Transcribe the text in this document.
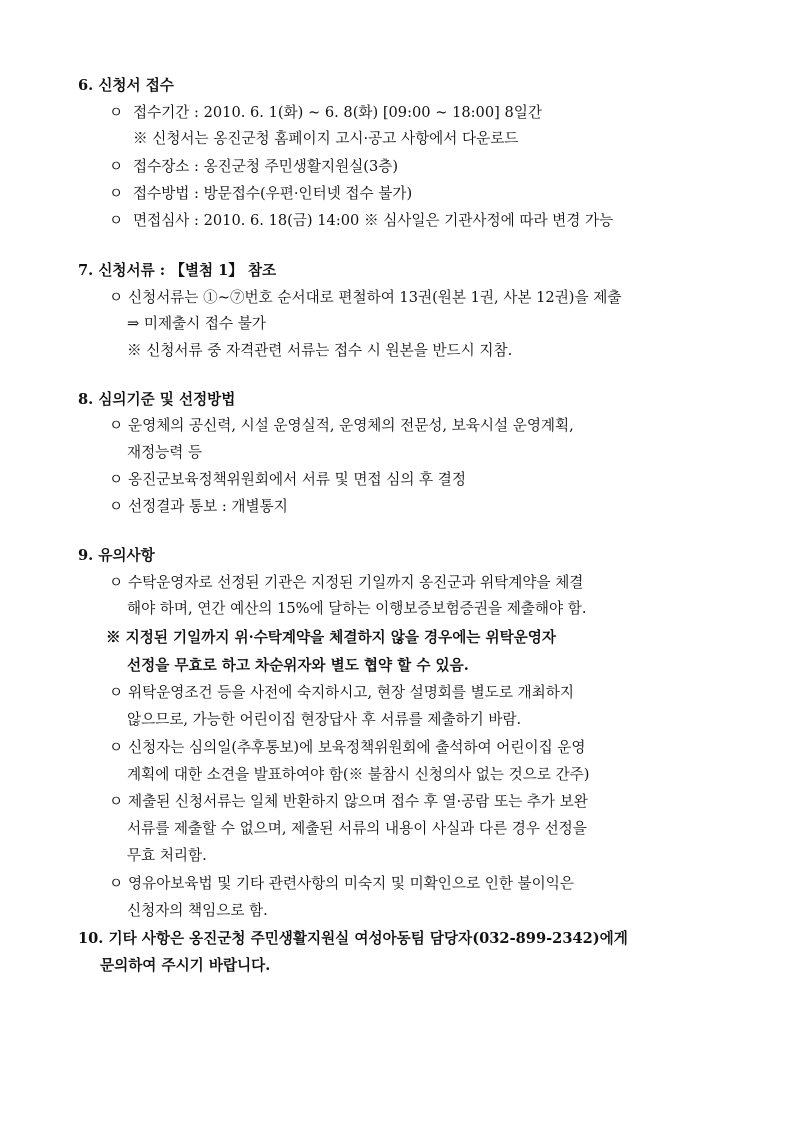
6. 신청서 접수
ㅇ 접수기간 : 2010. 6. 1(화) ~ 6. 8(화) [09:00 ~ 18:00] 8일간
※ 신청서는 옹진군청 홈페이지 고시·공고 사항에서 다운로드
ㅇ 접수장소 : 옹진군청 주민생활지원실(3층)
ㅇ 접수방법 : 방문접수(우편·인터넷 접수 불가)
ㅇ 면접심사 : 2010. 6. 18(금) 14:00 ※ 심사일은 기관사정에 따라 변경 가능
7. 신청서류 : 【별첨 1】 참조
ㅇ 신청서류는 ①~⑦번호 순서대로 편철하여 13권(원본 1권, 사본 12권)을 제출
⇒ 미제출시 접수 불가
※ 신청서류 중 자격관련 서류는 접수 시 원본을 반드시 지참.
8. 심의기준 및 선정방법
ㅇ 운영체의 공신력, 시설 운영실적, 운영체의 전문성, 보육시설 운영계획,
재정능력 등
ㅇ 옹진군보육정책위원회에서 서류 및 면접 심의 후 결정
ㅇ 선정결과 통보 : 개별통지
9. 유의사항
ㅇ 수탁운영자로 선정된 기관은 지정된 기일까지 옹진군과 위탁계약을 체결
해야 하며, 연간 예산의 15%에 달하는 이행보증보험증권을 제출해야 함.
※ 지정된 기일까지 위·수탁계약을 체결하지 않을 경우에는 위탁운영자
선정을 무효로 하고 차순위자와 별도 협약 할 수 있음.
ㅇ 위탁운영조건 등을 사전에 숙지하시고, 현장 설명회를 별도로 개최하지
않으므로, 가능한 어린이집 현장답사 후 서류를 제출하기 바람.
ㅇ 신청자는 심의일(추후통보)에 보육정책위원회에 출석하여 어린이집 운영
계획에 대한 소견을 발표하여야 함(※ 불참시 신청의사 없는 것으로 간주)
ㅇ 제출된 신청서류는 일체 반환하지 않으며 접수 후 열·공람 또는 추가 보완
서류를 제출할 수 없으며, 제출된 서류의 내용이 사실과 다른 경우 선정을
무효 처리함.
ㅇ 영유아보육법 및 기타 관련사항의 미숙지 및 미확인으로 인한 불이익은
신청자의 책임으로 함.
10. 기타 사항은 옹진군청 주민생활지원실 여성아동팀 담당자(032-899-2342)에게
문의하여 주시기 바랍니다.
